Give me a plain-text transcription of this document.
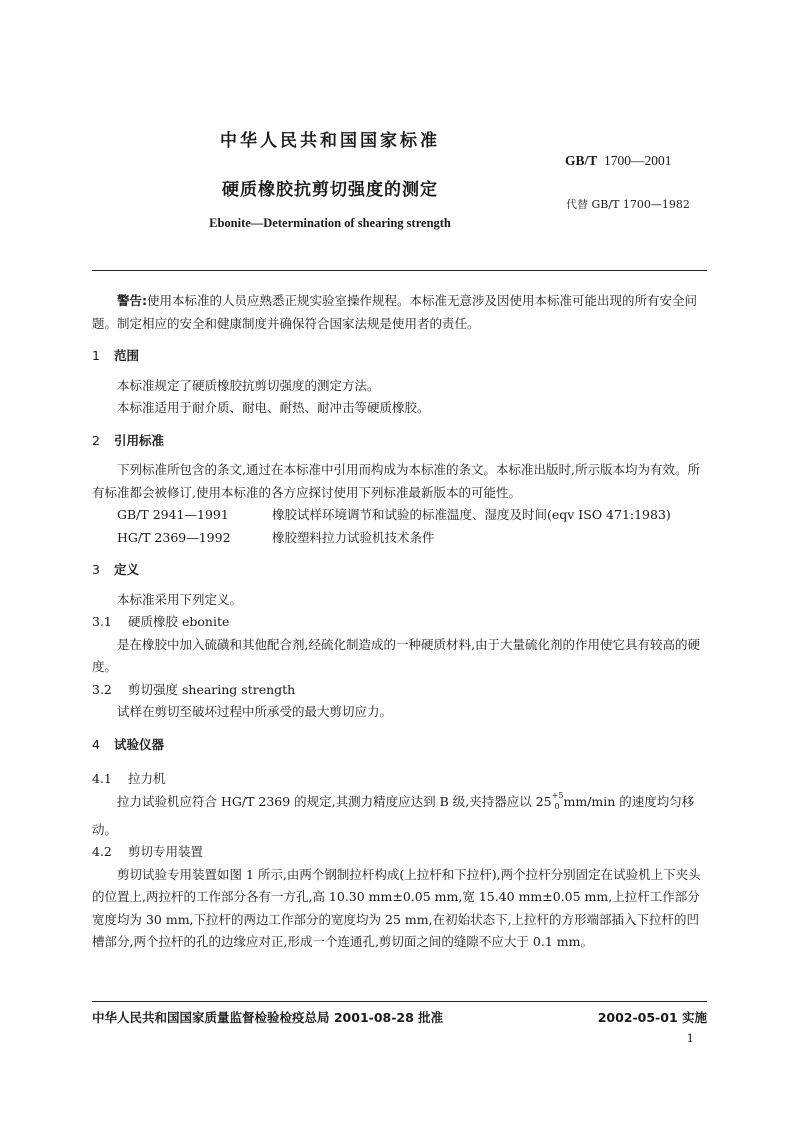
中华人民共和国国家标准
GB/T 1700—2001
硬质橡胶抗剪切强度的测定
代替 GB/T 1700—1982
Ebonite—Determination of shearing strength

警告:使用本标准的人员应熟悉正规实验室操作规程。本标准无意涉及因使用本标准可能出现的所有安全问题。制定相应的安全和健康制度并确保符合国家法规是使用者的责任。

1 范围

本标准规定了硬质橡胶抗剪切强度的测定方法。

本标准适用于耐介质、耐电、耐热、耐冲击等硬质橡胶。

2 引用标准

下列标准所包含的条文,通过在本标准中引用而构成为本标准的条文。本标准出版时,所示版本均为有效。所有标准都会被修订,使用本标准的各方应探讨使用下列标准最新版本的可能性。

GB/T 2941—1991	橡胶试样环境调节和试验的标准温度、湿度及时间(eqv ISO 471:1983)

HG/T 2369—1992	橡胶塑料拉力试验机技术条件

3 定义

本标准采用下列定义。

3.1 硬质橡胶 ebonite

是在橡胶中加入硫磺和其他配合剂,经硫化制造成的一种硬质材料,由于大量硫化剂的作用使它具有较高的硬度。

3.2 剪切强度 shearing strength

试样在剪切至破坏过程中所承受的最大剪切应力。

4 试验仪器

4.1 拉力机

拉力试验机应符合 HG/T 2369 的规定,其测力精度应达到 B 级,夹持器应以 $25^{+5}_0$ mm/min 的速度均匀移动。

4.2 剪切专用装置

剪切试验专用装置如图 1 所示,由两个钢制拉杆构成(上拉杆和下拉杆),两个拉杆分别固定在试验机上下夹头的位置上,两拉杆的工作部分各有一方孔,高 10.30 mm±0.05 mm,宽 15.40 mm±0.05 mm,上拉杆工作部分宽度均为 30 mm,下拉杆的两边工作部分的宽度均为 25 mm,在初始状态下,上拉杆的方形端部插入下拉杆的凹槽部分,两个拉杆的孔的边缘应对正,形成一个连通孔,剪切面之间的缝隙不应大于 0.1 mm。

中华人民共和国国家质量监督检验检疫总局 2001-08-28 批准	2002-05-01 实施
1
